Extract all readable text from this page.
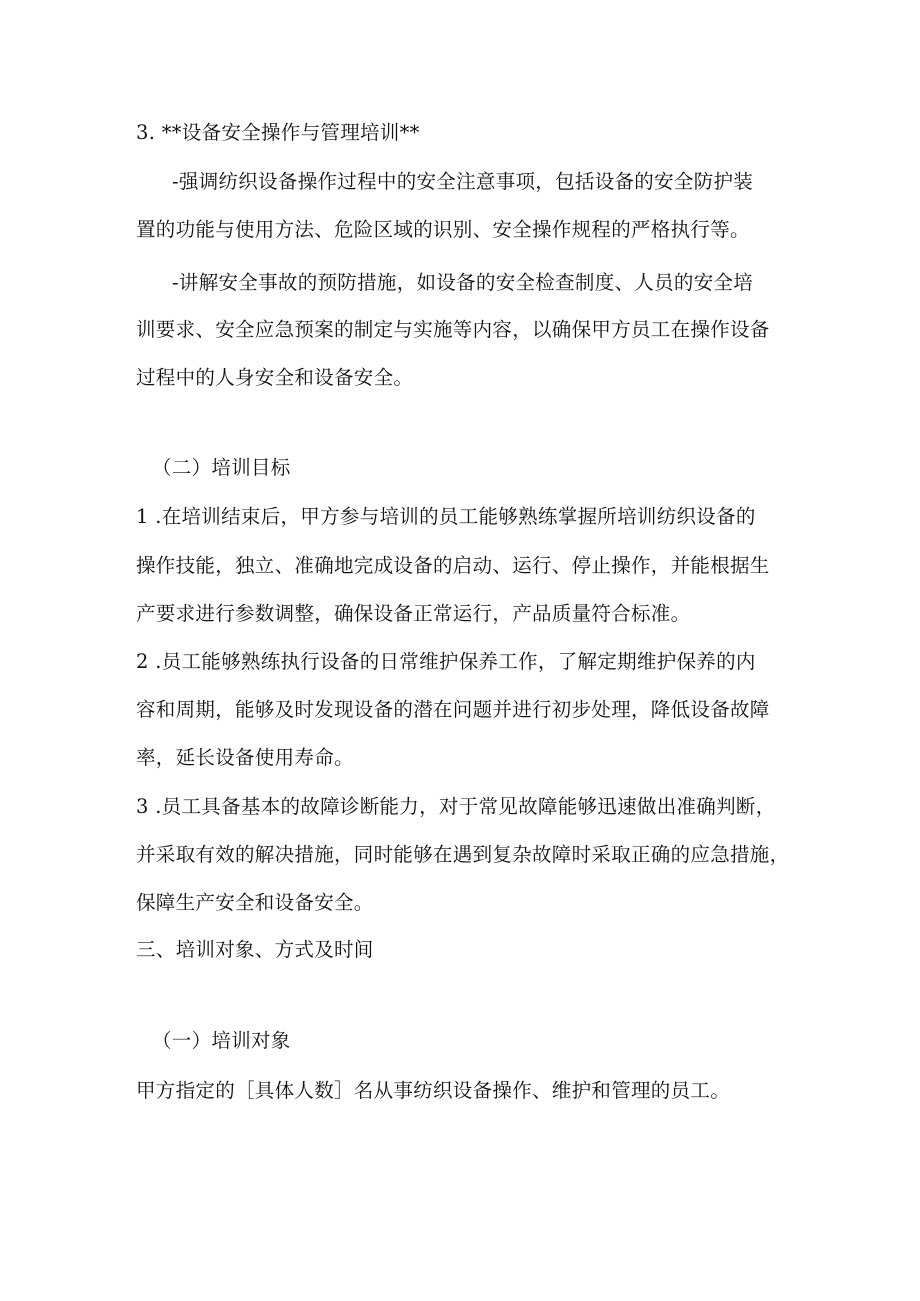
3. **设备安全操作与管理培训**
-强调纺织设备操作过程中的安全注意事项，包括设备的安全防护装
置的功能与使用方法、危险区域的识别、安全操作规程的严格执行等。
-讲解安全事故的预防措施，如设备的安全检查制度、人员的安全培
训要求、安全应急预案的制定与实施等内容，以确保甲方员工在操作设备
过程中的人身安全和设备安全。
（二）培训目标
1 .在培训结束后，甲方参与培训的员工能够熟练掌握所培训纺织设备的
操作技能，独立、准确地完成设备的启动、运行、停止操作，并能根据生
产要求进行参数调整，确保设备正常运行，产品质量符合标准。
2 .员工能够熟练执行设备的日常维护保养工作，了解定期维护保养的内
容和周期，能够及时发现设备的潜在问题并进行初步处理，降低设备故障
率，延长设备使用寿命。
3 .员工具备基本的故障诊断能力，对于常见故障能够迅速做出准确判断，
并采取有效的解决措施，同时能够在遇到复杂故障时采取正确的应急措施，
保障生产安全和设备安全。
三、培训对象、方式及时间
（一）培训对象
甲方指定的［具体人数］名从事纺织设备操作、维护和管理的员工。
